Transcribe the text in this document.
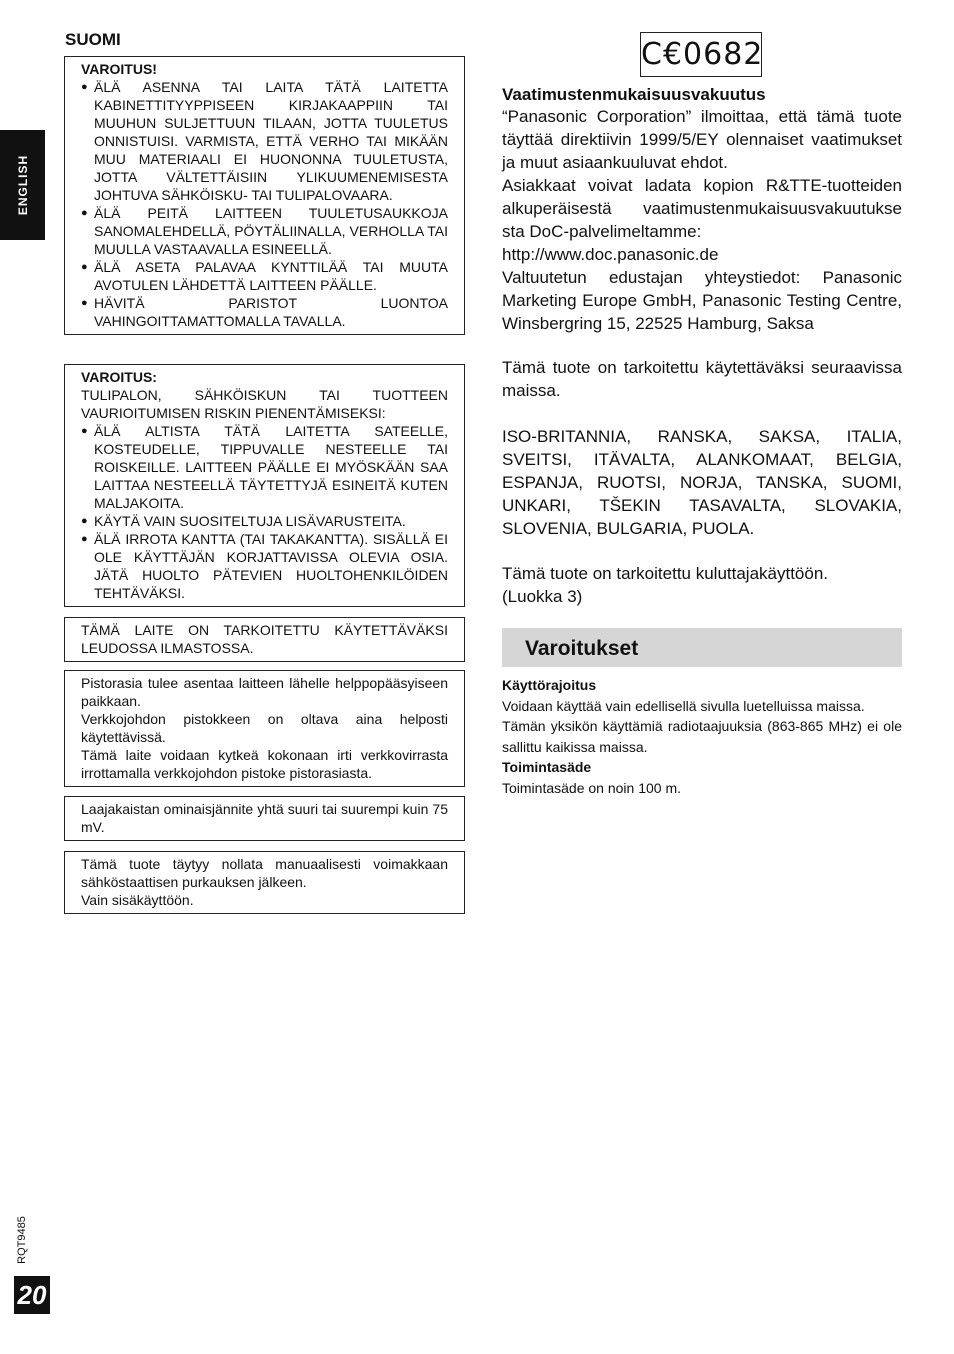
ENGLISH
RQT9485
20
SUOMI
VAROITUS!
● ÄLÄ ASENNA TAI LAITA TÄTÄ LAITETTA KABINETTITYYPPISEEN KIRJAKAAPPIIN TAI MUUHUN SULJETTUUN TILAAN, JOTTA TUULETUS ONNISTUISI. VARMISTA, ETTÄ VERHO TAI MIKÄÄN MUU MATERIAALI EI HUONONNA TUULETUSTA, JOTTA VÄLTETTÄISIIN YLIKUUMENEMISESTA JOHTUVA SÄHKÖISKU- TAI TULIPALOVAARA.
● ÄLÄ PEITÄ LAITTEEN TUULETUSAUKKOJA SANOMALEHDELLÄ, PÖYTÄLIINALLA, VERHOLLA TAI MUULLA VASTAAVALLA ESINEELLÄ.
● ÄLÄ ASETA PALAVAA KYNTTILÄÄ TAI MUUTA AVOTULEN LÄHDETTÄ LAITTEEN PÄÄLLE.
● HÄVITÄ PARISTOT LUONTOA VAHINGOITTAMATTOMALLA TAVALLA.
VAROITUS:
TULIPALON, SÄHKÖISKUN TAI TUOTTEEN VAURIOITUMISEN RISKIN PIENENTÄMISEKSI:
● ÄLÄ ALTISTA TÄTÄ LAITETTA SATEELLE, KOSTEUDELLE, TIPPUVALLE NESTEELLE TAI ROISKEILLE. LAITTEEN PÄÄLLE EI MYÖSKÄÄN SAA LAITTAA NESTEELLÄ TÄYTETTYJÄ ESINEITÄ KUTEN MALJAKOITA.
● KÄYTÄ VAIN SUOSITELTUJA LISÄVARUSTEITA.
● ÄLÄ IRROTA KANTTA (TAI TAKAKANTTA). SISÄLLÄ EI OLE KÄYTTÄJÄN KORJATTAVISSA OLEVIA OSIA. JÄTÄ HUOLTO PÄTEVIEN HUOLTOHENKILÖIDEN TEHTÄVÄKSI.
TÄMÄ LAITE ON TARKOITETTU KÄYTETTÄVÄKSI LEUDOSSA ILMASTOSSA.
Pistorasia tulee asentaa laitteen lähelle helppopääsyiseen paikkaan.
Verkkojohdon pistokkeen on oltava aina helposti käytettävissä.
Tämä laite voidaan kytkeä kokonaan irti verkkovirrasta irrottamalla verkkojohdon pistoke pistorasiasta.
Laajakaistan ominaisjännite yhtä suuri tai suurempi kuin 75 mV.
Tämä tuote täytyy nollata manuaalisesti voimakkaan sähköstaattisen purkauksen jälkeen.
Vain sisäkäyttöön.
C€0682
Vaatimustenmukaisuusvakuutus
“Panasonic Corporation” ilmoittaa, että tämä tuote täyttää direktiivin 1999/5/EY olennaiset vaatimukset ja muut asiaankuuluvat ehdot.
Asiakkaat voivat ladata kopion R&TTE-tuotteiden alkuperäisestä vaatimustenmukaisuusvakuutukse sta DoC-palvelimeltamme:
http://www.doc.panasonic.de
Valtuutetun edustajan yhteystiedot: Panasonic Marketing Europe GmbH, Panasonic Testing Centre, Winsbergring 15, 22525 Hamburg, Saksa
Tämä tuote on tarkoitettu käytettäväksi seuraavissa maissa.
ISO-BRITANNIA, RANSKA, SAKSA, ITALIA, SVEITSI, ITÄVALTA, ALANKOMAAT, BELGIA, ESPANJA, RUOTSI, NORJA, TANSKA, SUOMI, UNKARI, TŠEKIN TASAVALTA, SLOVAKIA, SLOVENIA, BULGARIA, PUOLA.
Tämä tuote on tarkoitettu kuluttajakäyttöön.
(Luokka 3)
Varoitukset
Käyttörajoitus
Voidaan käyttää vain edellisellä sivulla luetelluissa maissa.
Tämän yksikön käyttämiä radiotaajuuksia (863-865 MHz) ei ole sallittu kaikissa maissa.
Toimintasäde
Toimintasäde on noin 100 m.
